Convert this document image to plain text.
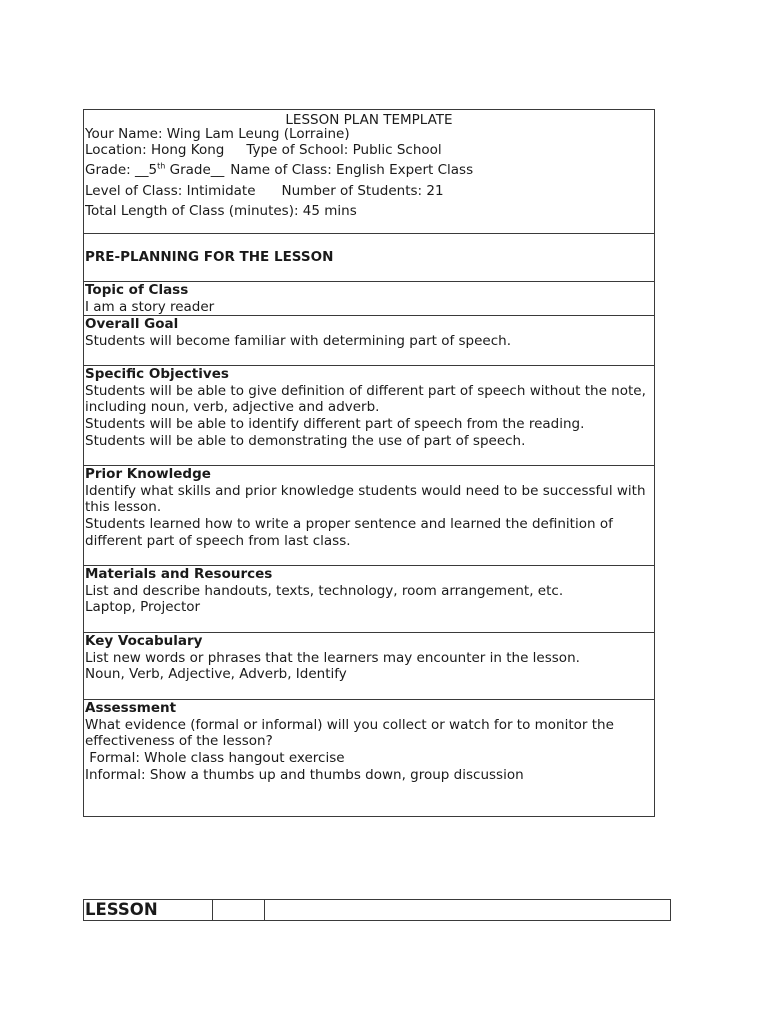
LESSON PLAN TEMPLATE
Your Name: Wing Lam Leung (Lorraine)
Location: Hong Kong Type of School: Public School
Grade: __5th Grade__ Name of Class: English Expert Class
Level of Class: Intimidate Number of Students: 21
Total Length of Class (minutes): 45 mins

PRE-PLANNING FOR THE LESSON

Topic of Class
I am a story reader

Overall Goal
Students will become familiar with determining part of speech.

Specific Objectives
Students will be able to give definition of different part of speech without the note, including noun, verb, adjective and adverb.
Students will be able to identify different part of speech from the reading.
Students will be able to demonstrating the use of part of speech.

Prior Knowledge
Identify what skills and prior knowledge students would need to be successful with this lesson.
Students learned how to write a proper sentence and learned the definition of different part of speech from last class.

Materials and Resources
List and describe handouts, texts, technology, room arrangement, etc.
Laptop, Projector

Key Vocabulary
List new words or phrases that the learners may encounter in the lesson.
Noun, Verb, Adjective, Adverb, Identify

Assessment
What evidence (formal or informal) will you collect or watch for to monitor the effectiveness of the lesson?
Formal: Whole class hangout exercise
Informal: Show a thumbs up and thumbs down, group discussion
LESSON		
